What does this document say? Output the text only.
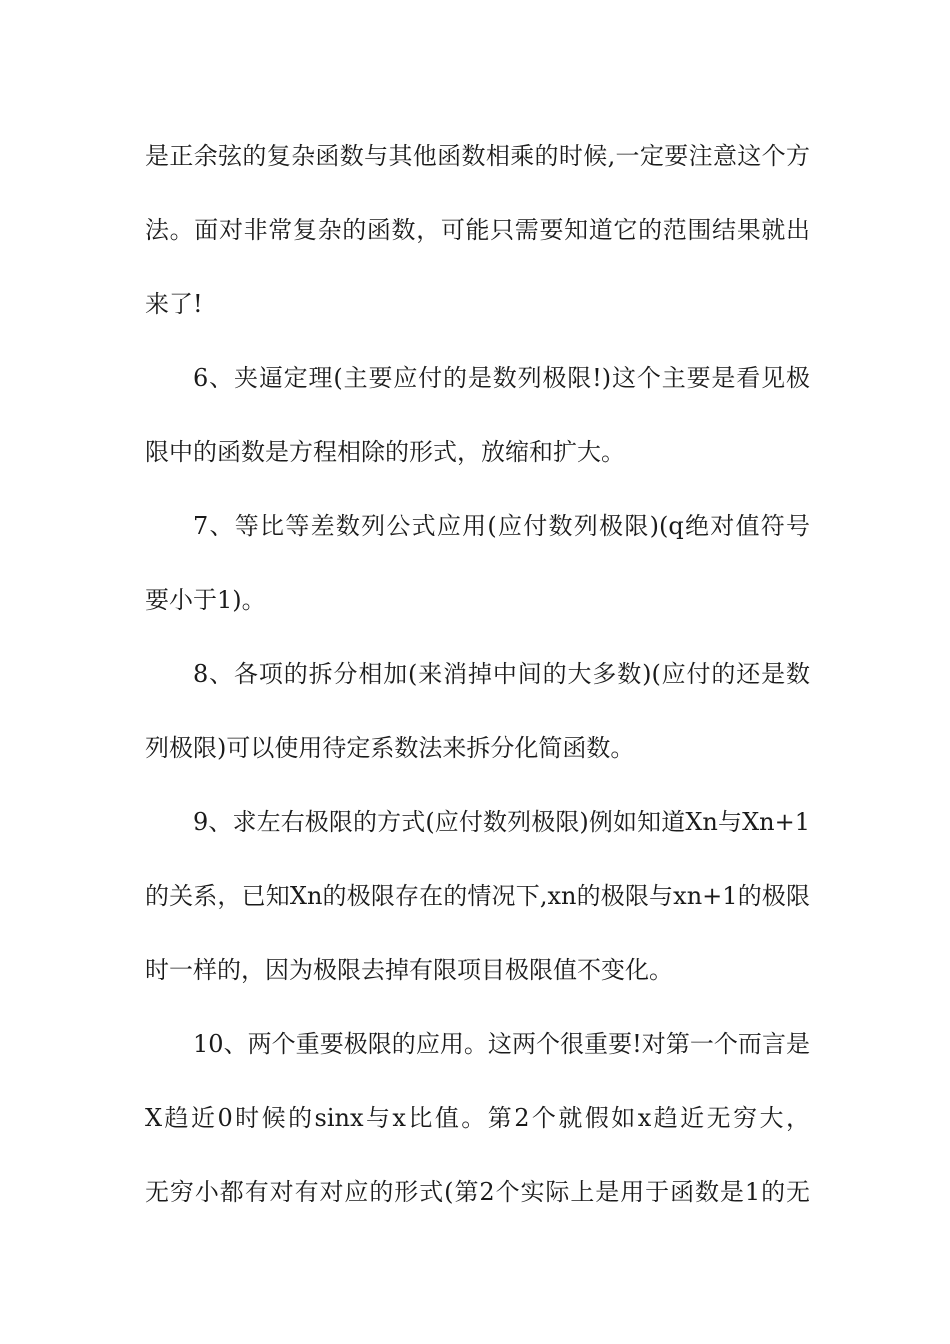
是正余弦的复杂函数与其他函数相乘的时候,一定要注意这个方
法。面对非常复杂的函数，可能只需要知道它的范围结果就出
来了!
6、夹逼定理(主要应付的是数列极限!)这个主要是看见极
限中的函数是方程相除的形式，放缩和扩大。
7、等比等差数列公式应用(应付数列极限)(q绝对值符号
要小于1)。
8、各项的拆分相加(来消掉中间的大多数)(应付的还是数
列极限)可以使用待定系数法来拆分化简函数。
9、求左右极限的方式(应付数列极限)例如知道Xn与Xn+1
的关系，已知Xn的极限存在的情况下,xn的极限与xn+1的极限
时一样的，因为极限去掉有限项目极限值不变化。
10、两个重要极限的应用。这两个很重要!对第一个而言是
X趋近0时候的sinx与x比值。第2个就假如x趋近无穷大，
无穷小都有对有对应的形式(第2个实际上是用于函数是1的无
